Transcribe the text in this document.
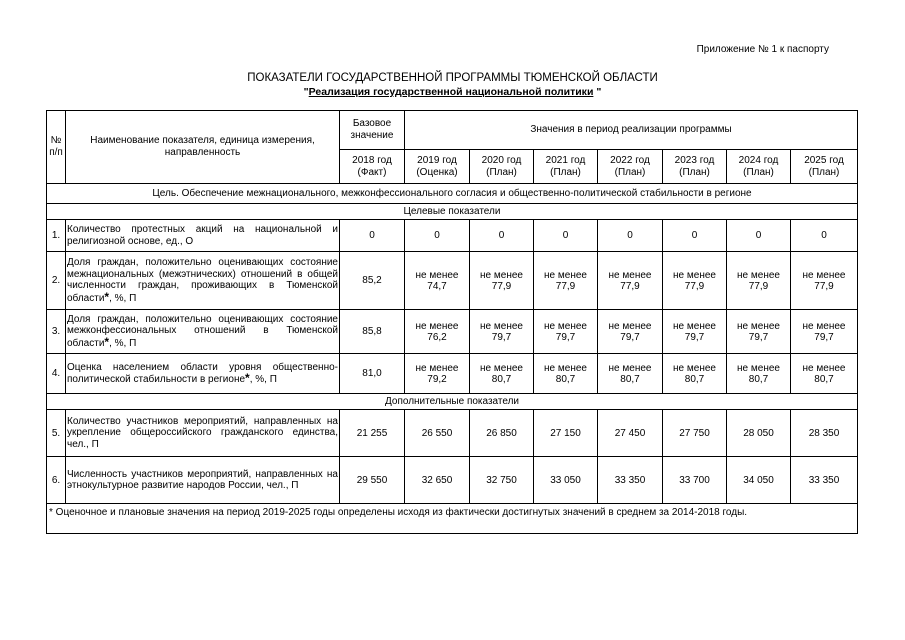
Приложение № 1 к паспорту
ПОКАЗАТЕЛИ ГОСУДАРСТВЕННОЙ ПРОГРАММЫ ТЮМЕНСКОЙ ОБЛАСТИ
"Реализация государственной национальной политики "
№ п/п	Наименование показателя, единица измерения, направленность	Базовое значение	Значения в период реализации программы						
		2018 год (Факт)	2019 год (Оценка)	2020 год (План)	2021 год (План)	2022 год (План)	2023 год (План)	2024 год (План)	2025 год (План)
Цель. Обеспечение межнационального, межконфессионального согласия и общественно-политической стабильности в регионе									
Целевые показатели									
1.	Количество протестных акций на национальной и религиозной основе, ед., О	0	0	0	0	0	0	0	0
2.	Доля граждан, положительно оценивающих состояние межнациональных (межэтнических) отношений в общей численности граждан, проживающих в Тюменской области*, %, П	85,2	не менее 74,7	не менее 77,9	не менее 77,9	не менее 77,9	не менее 77,9	не менее 77,9	не менее 77,9
3.	Доля граждан, положительно оценивающих состояние межконфессиональных отношений в Тюменской области*, %, П	85,8	не менее 76,2	не менее 79,7	не менее 79,7	не менее 79,7	не менее 79,7	не менее 79,7	не менее 79,7
4.	Оценка населением области уровня общественно-политической стабильности в регионе*, %, П	81,0	не менее 79,2	не менее 80,7	не менее 80,7	не менее 80,7	не менее 80,7	не менее 80,7	не менее 80,7
Дополнительные показатели									
5.	Количество участников мероприятий, направленных на укрепление общероссийского гражданского единства, чел., П	21 255	26 550	26 850	27 150	27 450	27 750	28 050	28 350
6.	Численность участников мероприятий, направленных на этнокультурное развитие народов России, чел., П	29 550	32 650	32 750	33 050	33 350	33 700	34 050	33 350
* Оценочное и плановые значения на период 2019-2025 годы определены исходя из фактически достигнутых значений в среднем за 2014-2018 годы.									
